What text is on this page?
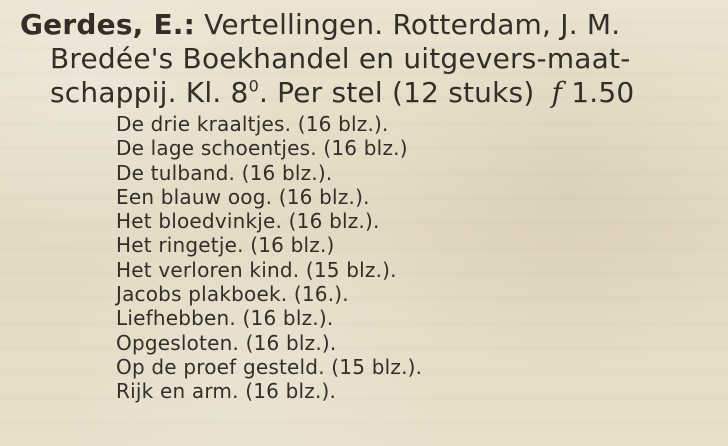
Gerdes, E.: Vertellingen. Rotterdam, J. M.
Bredée's Boekhandel en uitgevers-maat-
schappij. Kl. $8^0$. Per stel (12 stuks) f 1.50
De drie kraaltjes. (16 blz.).
De lage schoentjes. (16 blz.)
De tulband. (16 blz.).
Een blauw oog. (16 blz.).
Het bloedvinkje. (16 blz.).
Het ringetje. (16 blz.)
Het verloren kind. (15 blz.).
Jacobs plakboek. (16.).
Liefhebben. (16 blz.).
Opgesloten. (16 blz.).
Op de proef gesteld. (15 blz.).
Rijk en arm. (16 blz.).
